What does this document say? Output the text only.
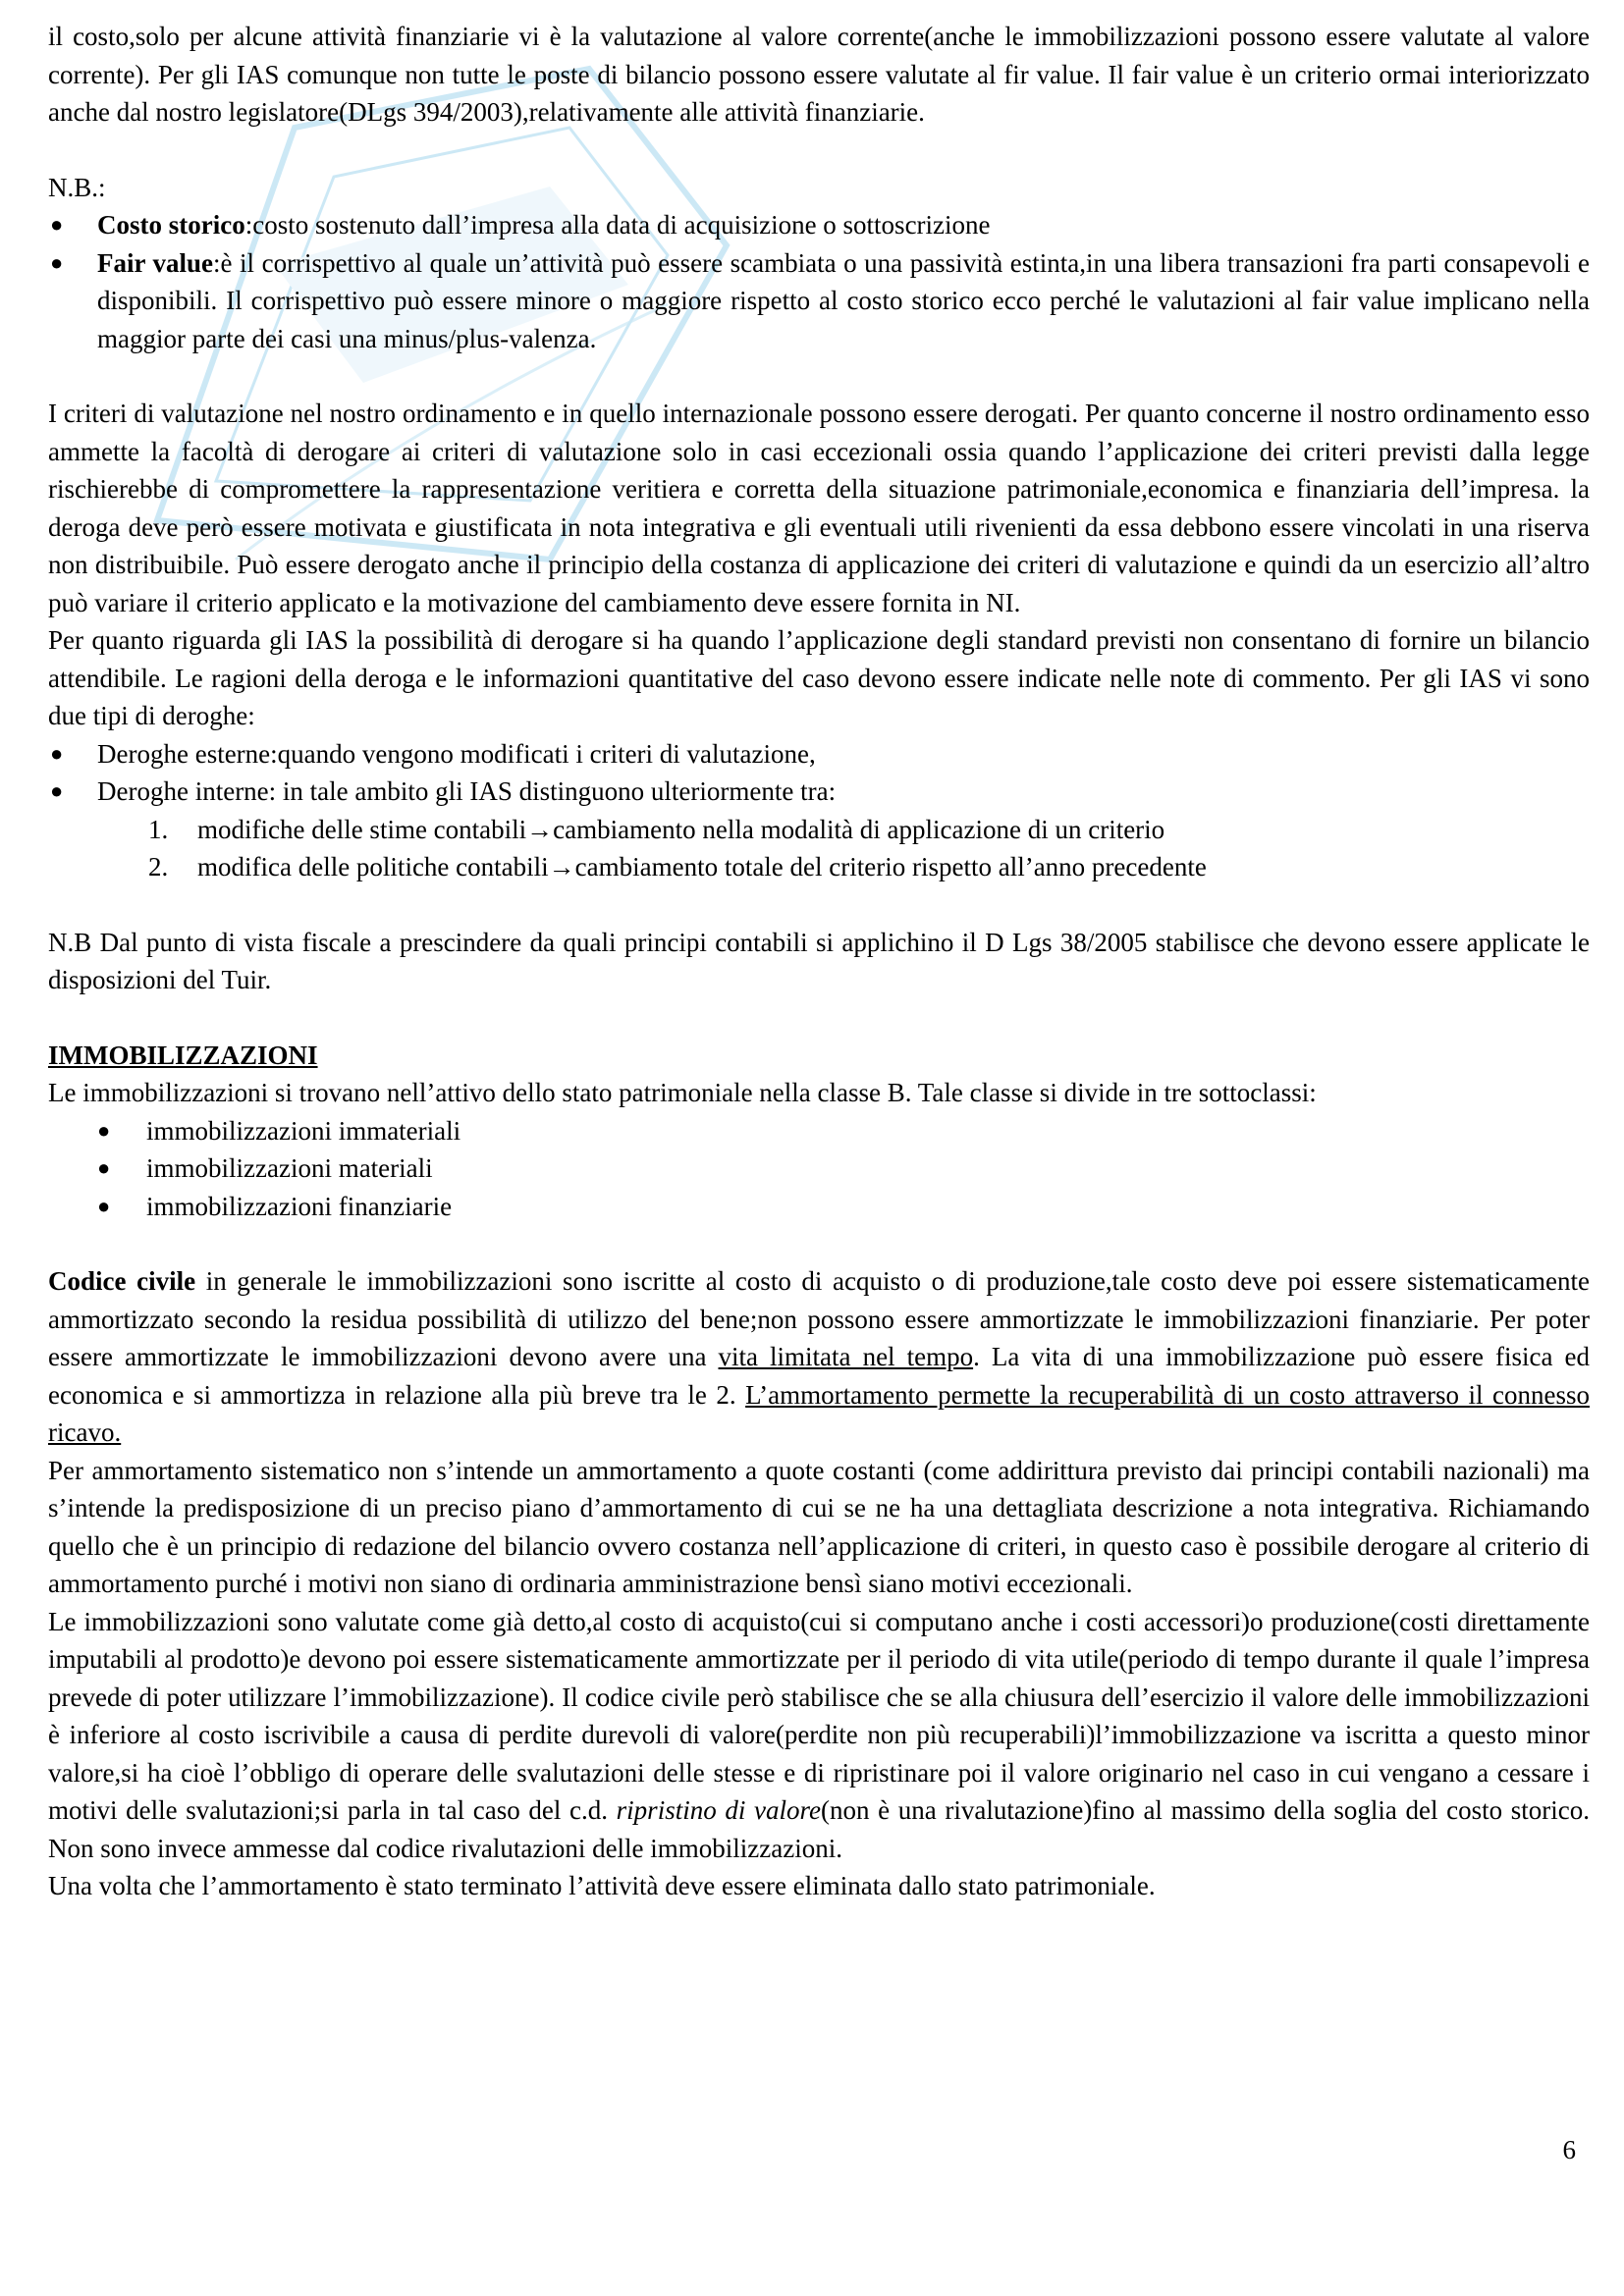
il costo,solo per alcune attività finanziarie vi è la valutazione al valore corrente(anche le immobilizzazioni possono essere valutate al valore corrente). Per gli IAS comunque non tutte le poste di bilancio possono essere valutate al fir value. Il fair value è un criterio ormai interiorizzato anche dal nostro legislatore(DLgs 394/2003),relativamente alle attività finanziarie.

N.B.:

● Costo storico:costo sostenuto dall’impresa alla data di acquisizione o sottoscrizione
● Fair value:è il corrispettivo al quale un’attività può essere scambiata o una passività estinta,in una libera transazioni fra parti consapevoli e disponibili. Il corrispettivo può essere minore o maggiore rispetto al costo storico ecco perché le valutazioni al fair value implicano nella maggior parte dei casi una minus/plus-valenza.

I criteri di valutazione nel nostro ordinamento e in quello internazionale possono essere derogati. Per quanto concerne il nostro ordinamento esso ammette la facoltà di derogare ai criteri di valutazione solo in casi eccezionali ossia quando l’applicazione dei criteri previsti dalla legge rischierebbe di compromettere la rappresentazione veritiera e corretta della situazione patrimoniale,economica e finanziaria dell’impresa. la deroga deve però essere motivata e giustificata in nota integrativa e gli eventuali utili rivenienti da essa debbono essere vincolati in una riserva non distribuibile. Può essere derogato anche il principio della costanza di applicazione dei criteri di valutazione e quindi da un esercizio all’altro può variare il criterio applicato e la motivazione del cambiamento deve essere fornita in NI.

Per quanto riguarda gli IAS la possibilità di derogare si ha quando l’applicazione degli standard previsti non consentano di fornire un bilancio attendibile. Le ragioni della deroga e le informazioni quantitative del caso devono essere indicate nelle note di commento. Per gli IAS vi sono due tipi di deroghe:

● Deroghe esterne:quando vengono modificati i criteri di valutazione,
● Deroghe interne: in tale ambito gli IAS distinguono ulteriormente tra:
1. modifiche delle stime contabili→cambiamento nella modalità di applicazione di un criterio
2. modifica delle politiche contabili→cambiamento totale del criterio rispetto all’anno precedente

N.B Dal punto di vista fiscale a prescindere da quali principi contabili si applichino il D Lgs 38/2005 stabilisce che devono essere applicate le disposizioni del Tuir.

IMMOBILIZZAZIONI

Le immobilizzazioni si trovano nell’attivo dello stato patrimoniale nella classe B. Tale classe si divide in tre sottoclassi:

● immobilizzazioni immateriali
● immobilizzazioni materiali
● immobilizzazioni finanziarie

Codice civile in generale le immobilizzazioni sono iscritte al costo di acquisto o di produzione,tale costo deve poi essere sistematicamente ammortizzato secondo la residua possibilità di utilizzo del bene;non possono essere ammortizzate le immobilizzazioni finanziarie. Per poter essere ammortizzate le immobilizzazioni devono avere una vita limitata nel tempo. La vita di una immobilizzazione può essere fisica ed economica e si ammortizza in relazione alla più breve tra le 2. L’ammortamento permette la recuperabilità di un costo attraverso il connesso ricavo.

Per ammortamento sistematico non s’intende un ammortamento a quote costanti (come addirittura previsto dai principi contabili nazionali) ma s’intende la predisposizione di un preciso piano d’ammortamento di cui se ne ha una dettagliata descrizione a nota integrativa. Richiamando quello che è un principio di redazione del bilancio ovvero costanza nell’applicazione di criteri, in questo caso è possibile derogare al criterio di ammortamento purché i motivi non siano di ordinaria amministrazione bensì siano motivi eccezionali.

Le immobilizzazioni sono valutate come già detto,al costo di acquisto(cui si computano anche i costi accessori)o produzione(costi direttamente imputabili al prodotto)e devono poi essere sistematicamente ammortizzate per il periodo di vita utile(periodo di tempo durante il quale l’impresa prevede di poter utilizzare l’immobilizzazione). Il codice civile però stabilisce che se alla chiusura dell’esercizio il valore delle immobilizzazioni è inferiore al costo iscrivibile a causa di perdite durevoli di valore(perdite non più recuperabili)l’immobilizzazione va iscritta a questo minor valore,si ha cioè l’obbligo di operare delle svalutazioni delle stesse e di ripristinare poi il valore originario nel caso in cui vengano a cessare i motivi delle svalutazioni;si parla in tal caso del c.d. ripristino di valore(non è una rivalutazione)fino al massimo della soglia del costo storico. Non sono invece ammesse dal codice rivalutazioni delle immobilizzazioni.

Una volta che l’ammortamento è stato terminato l’attività deve essere eliminata dallo stato patrimoniale.

6
